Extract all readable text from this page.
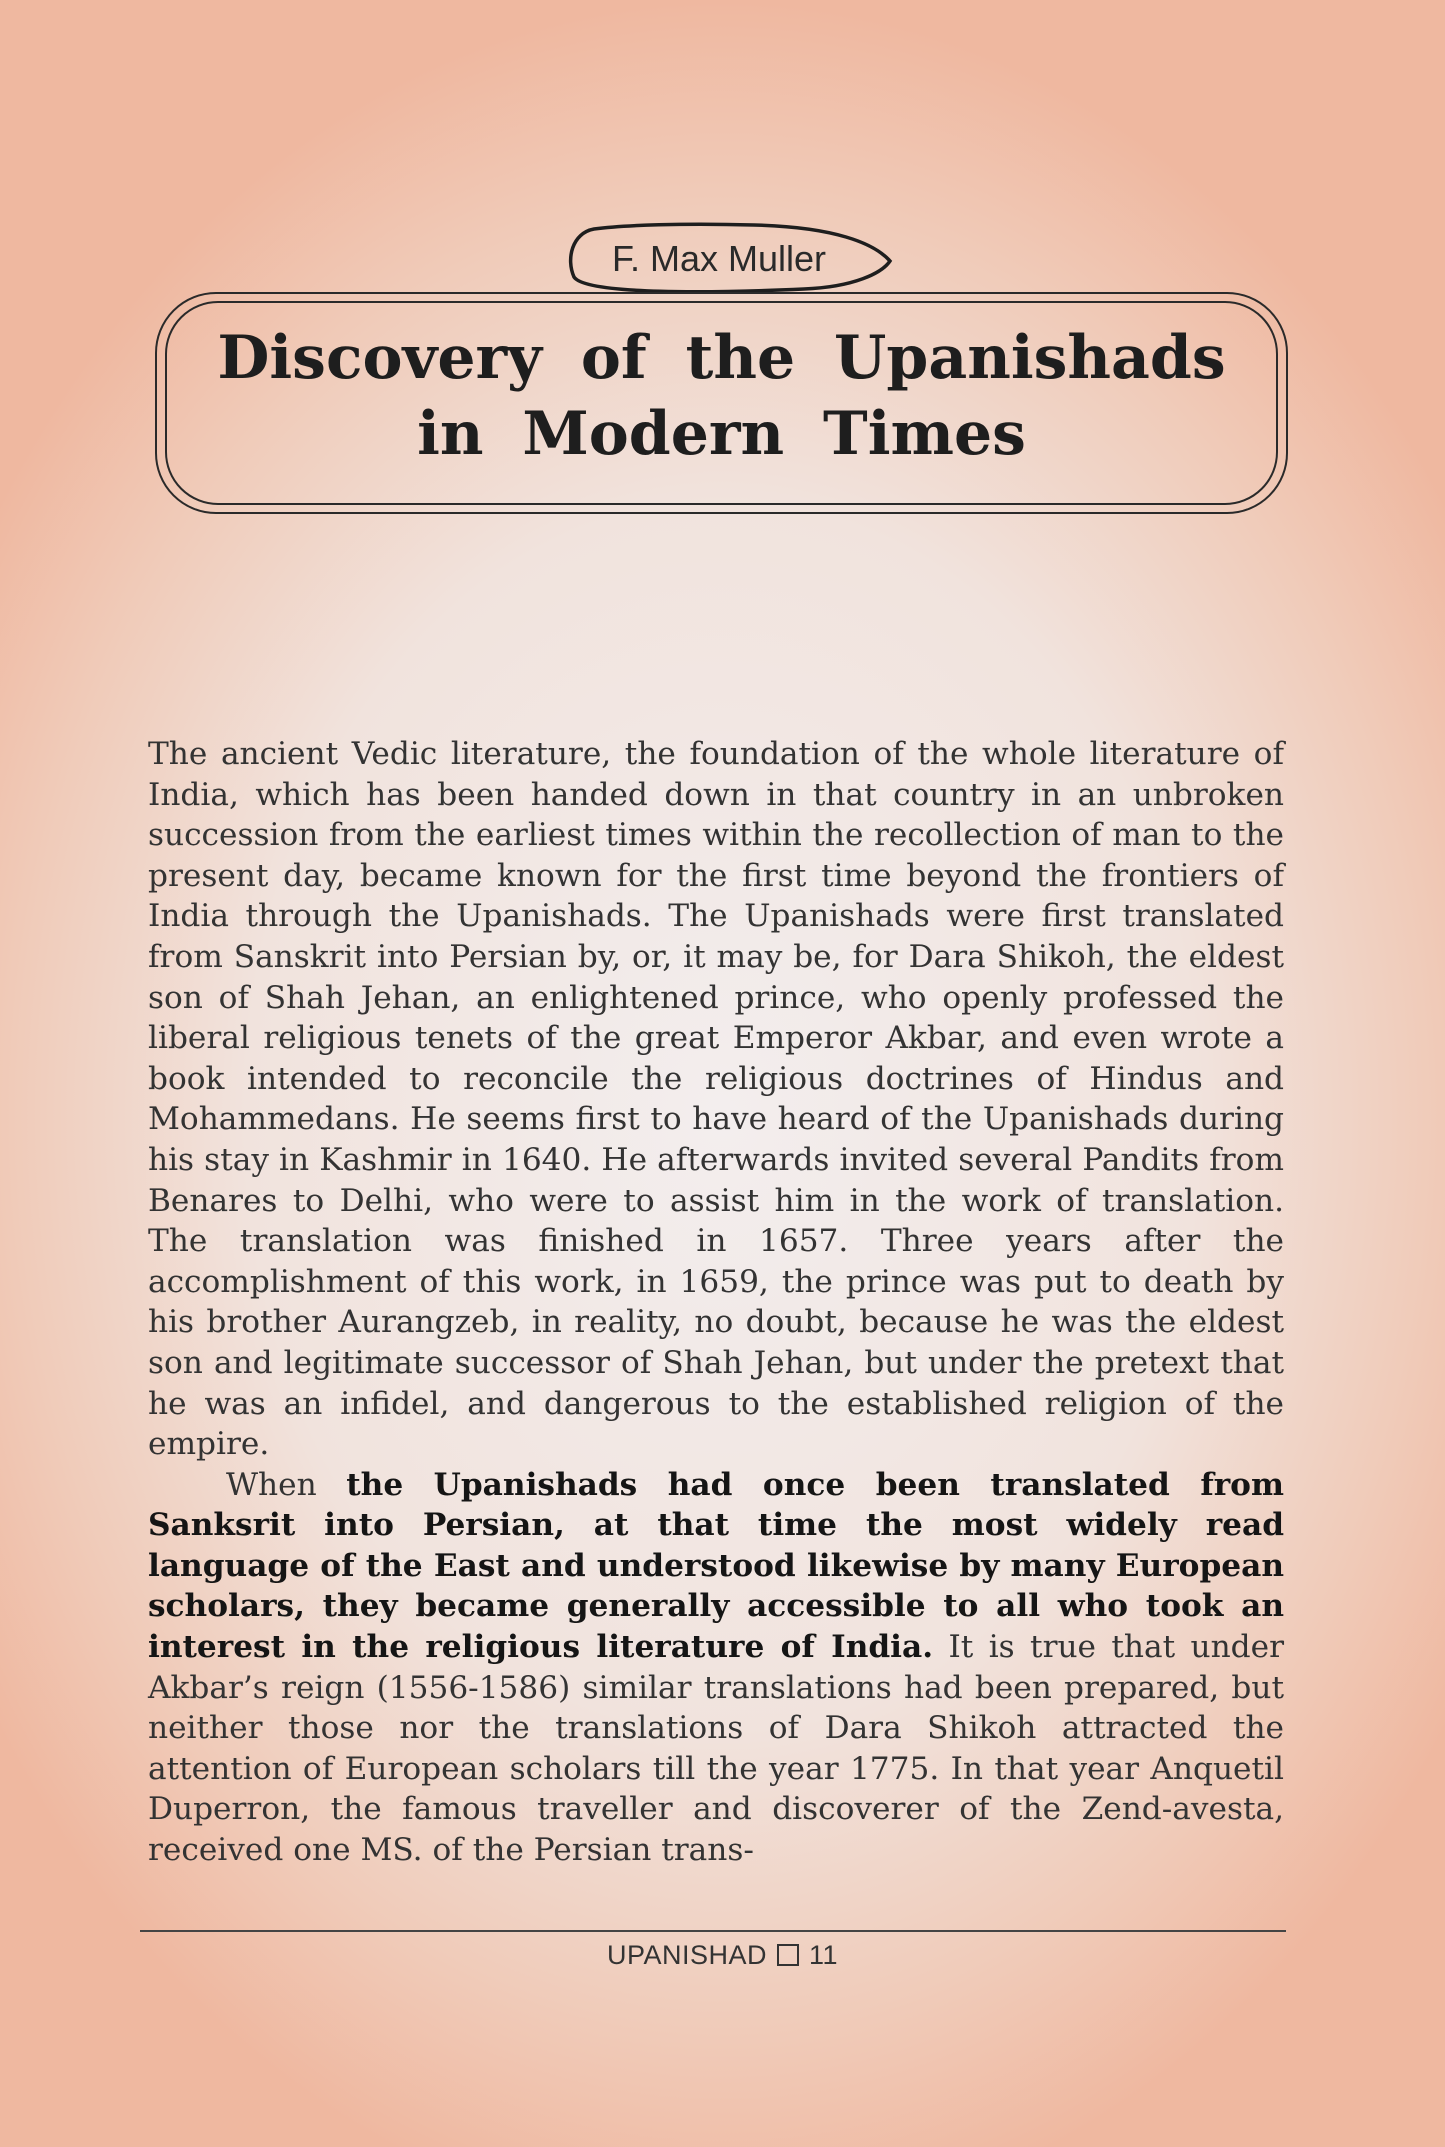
F. Max Muller
Discovery of the Upanishads
in Modern Times

The ancient Vedic literature, the foundation of the whole literature of India, which has been handed down in that country in an unbroken succession from the earliest times within the recollection of man to the present day, became known for the first time beyond the frontiers of India through the Upanishads. The Upanishads were first translated from Sanskrit into Persian by, or, it may be, for Dara Shikoh, the eldest son of Shah Jehan, an enlightened prince, who openly professed the liberal religious tenets of the great Emperor Akbar, and even wrote a book intended to reconcile the religious doctrines of Hindus and Mohammedans. He seems first to have heard of the Upanishads during his stay in Kashmir in 1640. He afterwards invited several Pandits from Benares to Delhi, who were to assist him in the work of translation. The translation was finished in 1657. Three years after the accomplishment of this work, in 1659, the prince was put to death by his brother Aurangzeb, in reality, no doubt, because he was the eldest son and legitimate successor of Shah Jehan, but under the pretext that he was an infidel, and dangerous to the established religion of the empire.

When the Upanishads had once been translated from Sanksrit into Persian, at that time the most widely read language of the East and understood likewise by many European scholars, they became generally accessible to all who took an interest in the religious literature of India. It is true that under Akbar’s reign (1556-1586) similar translations had been prepared, but neither those nor the translations of Dara Shikoh attracted the attention of European scholars till the year 1775. In that year Anquetil Duperron, the famous traveller and discoverer of the Zend-avesta, received one MS. of the Persian trans-

UPANISHAD 11
